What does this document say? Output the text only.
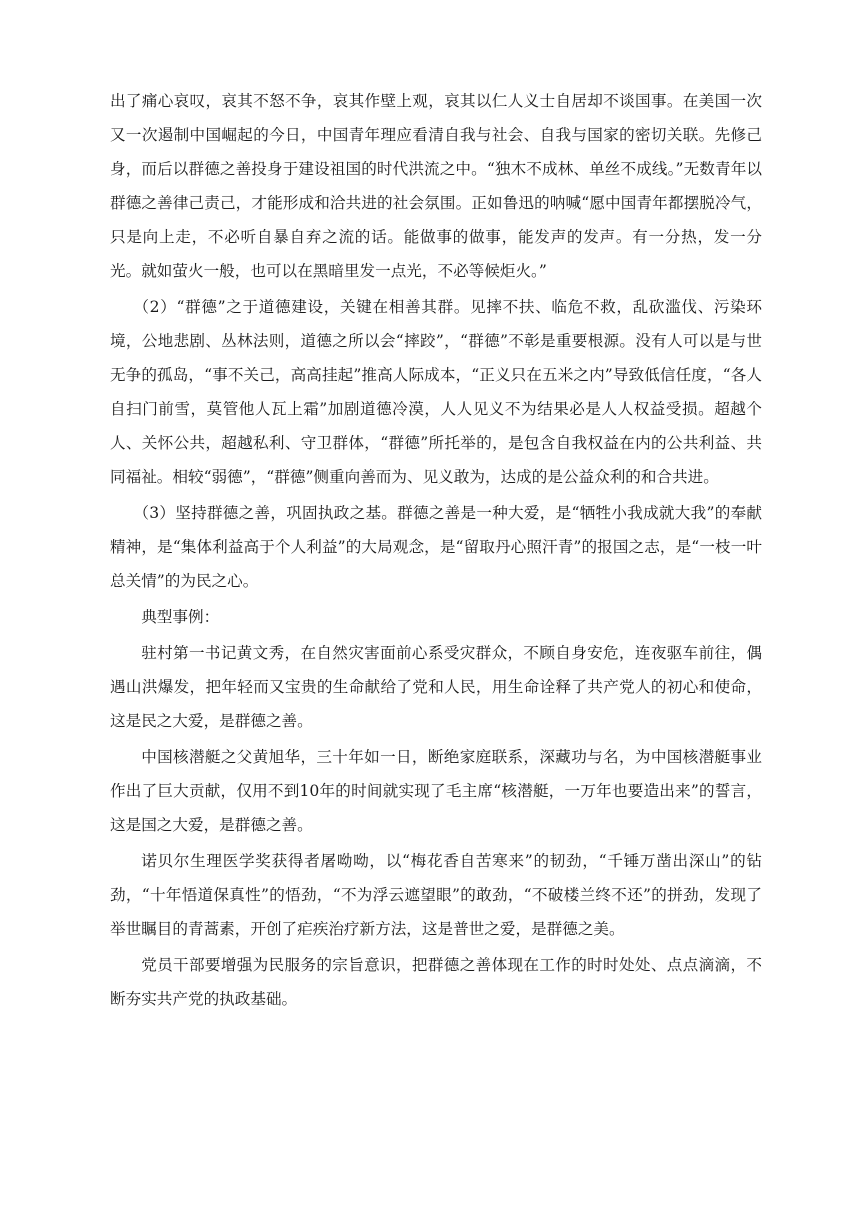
出了痛心哀叹，哀其不怒不争，哀其作壁上观，哀其以仁人义士自居却不谈国事。在美国一次又一次遏制中国崛起的今日，中国青年理应看清自我与社会、自我与国家的密切关联。先修己身，而后以群德之善投身于建设祖国的时代洪流之中。“独木不成林、单丝不成线。”无数青年以群德之善律己责己，才能形成和洽共进的社会氛围。正如鲁迅的呐喊“愿中国青年都摆脱冷气，只是向上走，不必听自暴自弃之流的话。能做事的做事，能发声的发声。有一分热，发一分光。就如萤火一般，也可以在黑暗里发一点光，不必等候炬火。”

（2）“群德”之于道德建设，关键在相善其群。见摔不扶、临危不救，乱砍滥伐、污染环境，公地悲剧、丛林法则，道德之所以会“摔跤”，“群德”不彰是重要根源。没有人可以是与世无争的孤岛，“事不关己，高高挂起”推高人际成本，“正义只在五米之内”导致低信任度，“各人自扫门前雪，莫管他人瓦上霜”加剧道德冷漠，人人见义不为结果必是人人权益受损。超越个人、关怀公共，超越私利、守卫群体，“群德”所托举的，是包含自我权益在内的公共利益、共同福祉。相较“弱德”，“群德”侧重向善而为、见义敢为，达成的是公益众利的和合共进。

（3）坚持群德之善，巩固执政之基。群德之善是一种大爱，是“牺牲小我成就大我”的奉献精神，是“集体利益高于个人利益”的大局观念，是“留取丹心照汗青”的报国之志，是“一枝一叶总关情”的为民之心。

典型事例：

驻村第一书记黄文秀，在自然灾害面前心系受灾群众，不顾自身安危，连夜驱车前往，偶遇山洪爆发，把年轻而又宝贵的生命献给了党和人民，用生命诠释了共产党人的初心和使命，这是民之大爱，是群德之善。

中国核潜艇之父黄旭华，三十年如一日，断绝家庭联系，深藏功与名，为中国核潜艇事业作出了巨大贡献，仅用不到10年的时间就实现了毛主席“核潜艇，一万年也要造出来”的誓言，这是国之大爱，是群德之善。

诺贝尔生理医学奖获得者屠呦呦，以“梅花香自苦寒来”的韧劲，“千锤万凿出深山”的钻劲，“十年悟道保真性”的悟劲，“不为浮云遮望眼”的敢劲，“不破楼兰终不还”的拼劲，发现了举世瞩目的青蒿素，开创了疟疾治疗新方法，这是普世之爱，是群德之美。

党员干部要增强为民服务的宗旨意识，把群德之善体现在工作的时时处处、点点滴滴，不断夯实共产党的执政基础。
